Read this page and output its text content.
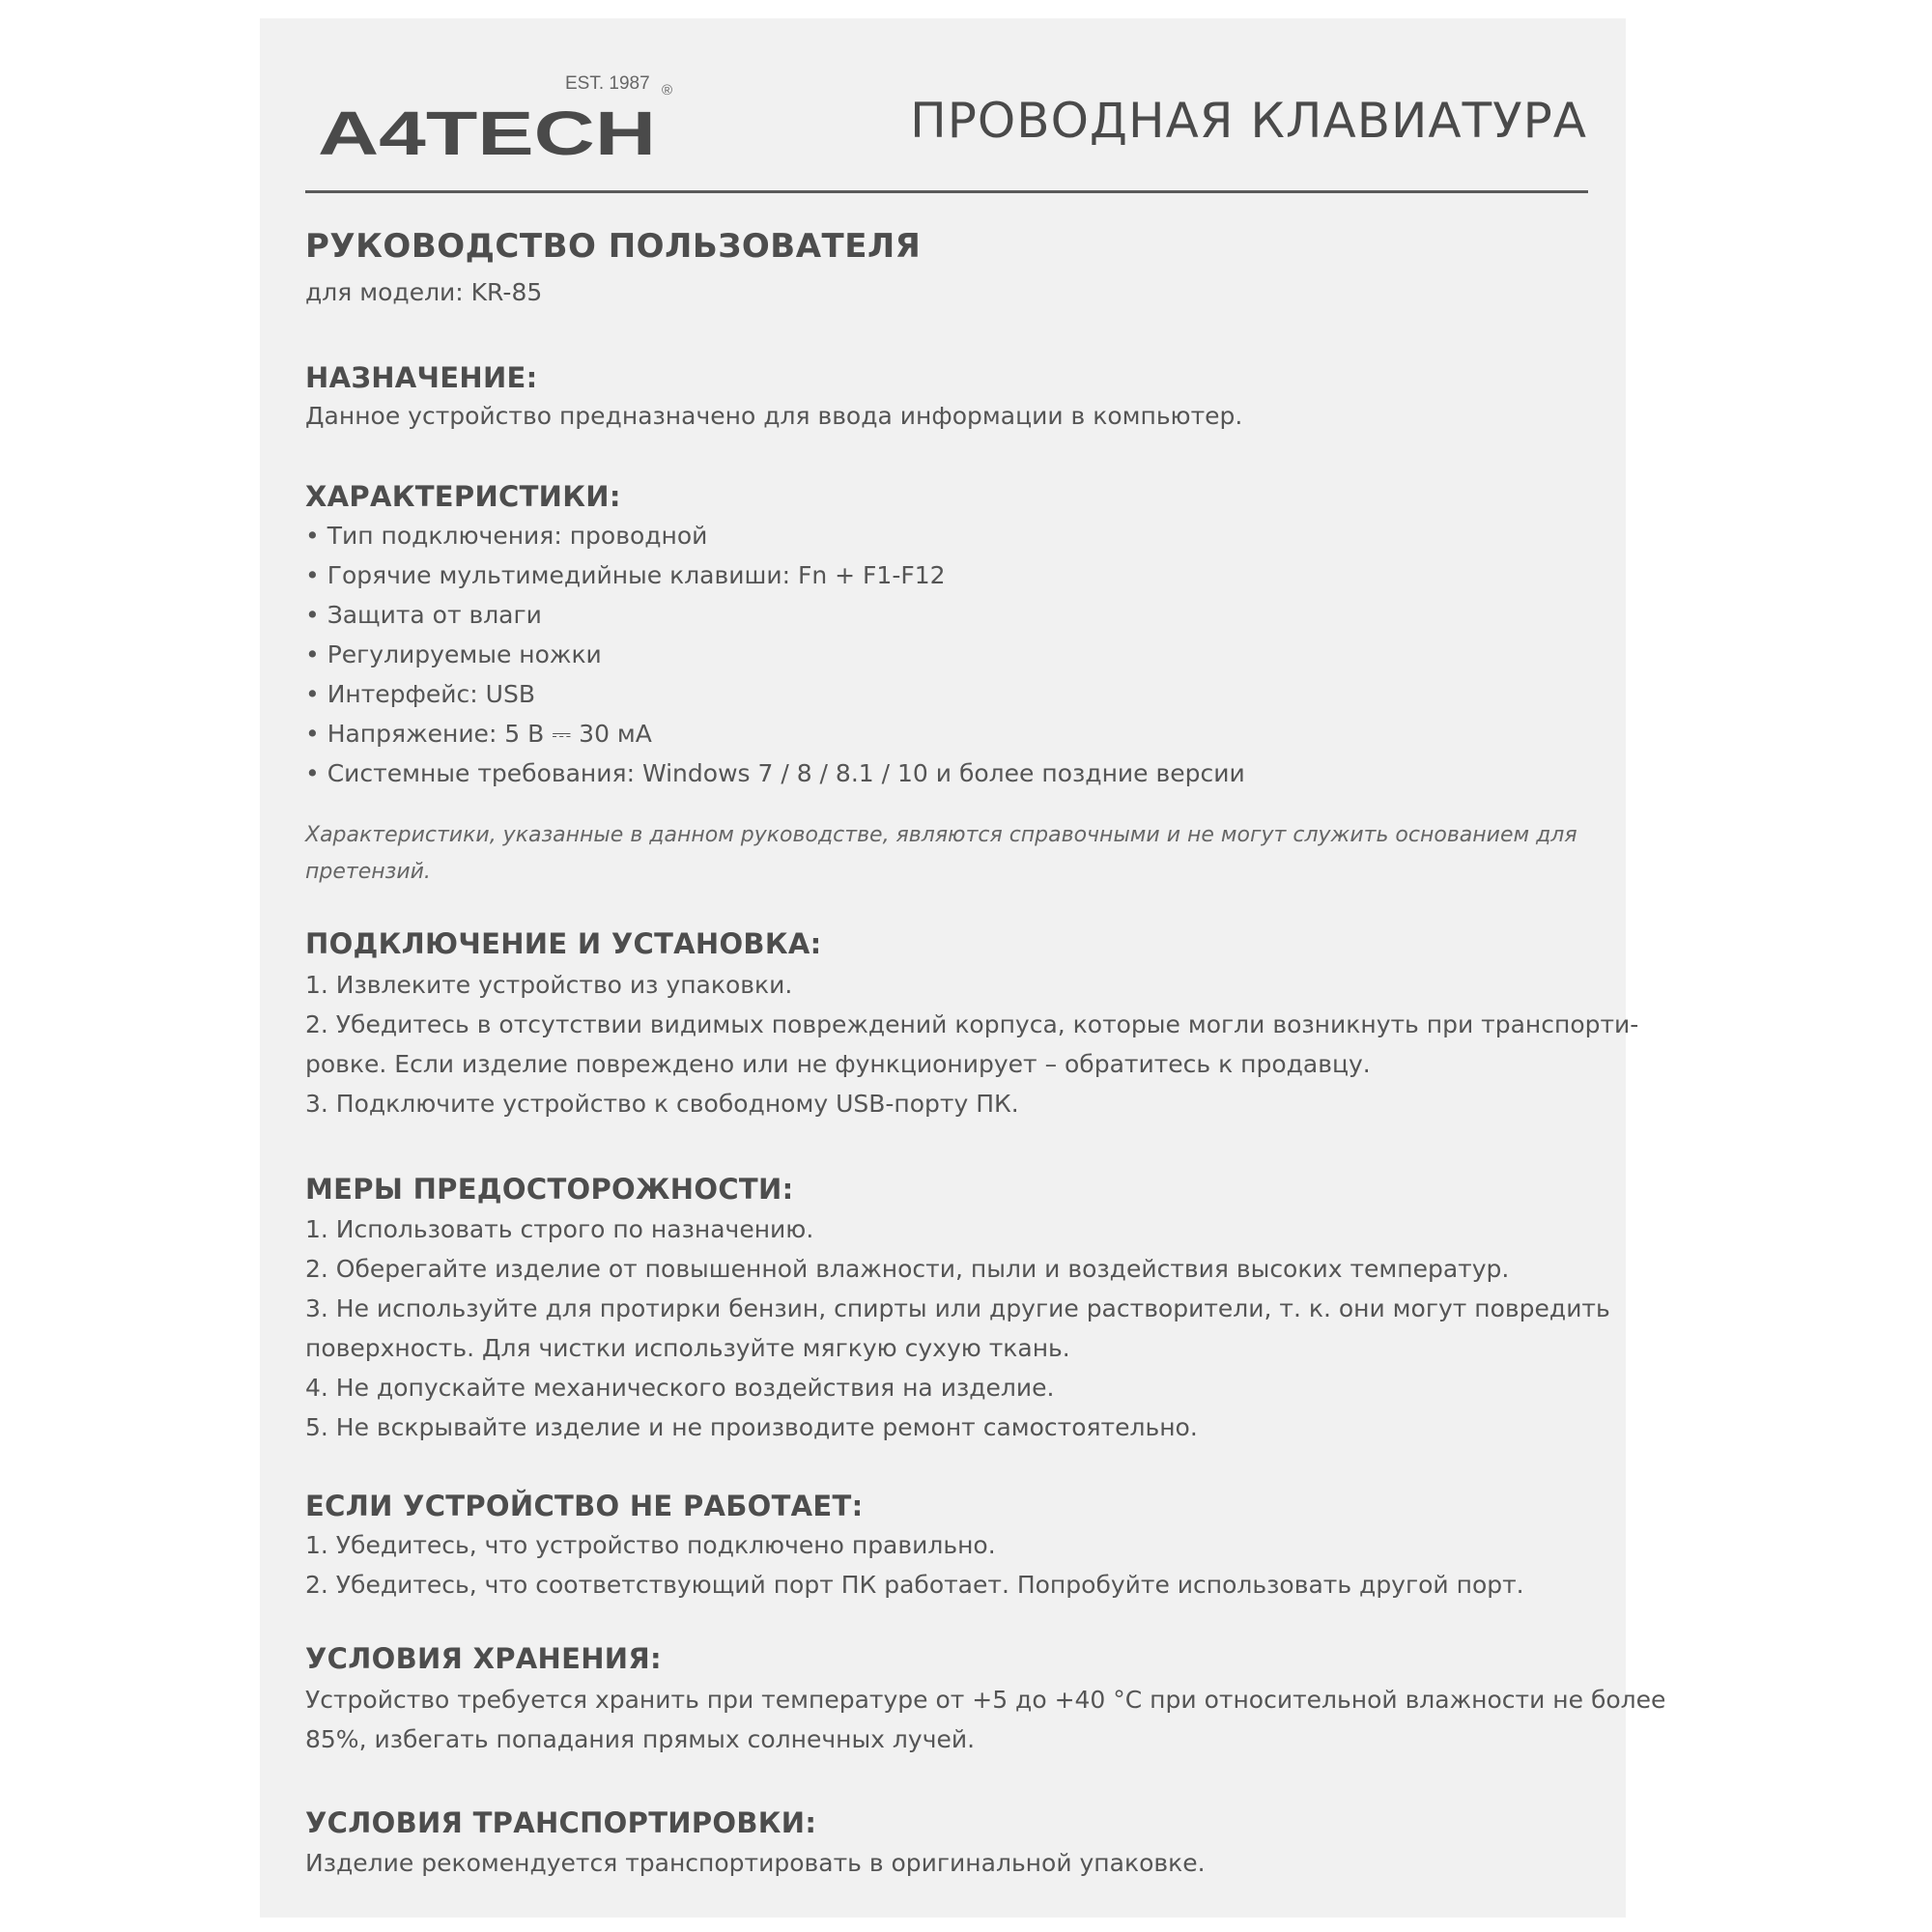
EST. 1987 ®
A4TECH	ПРОВОДНАЯ КЛАВИАТУРА
РУКОВОДСТВО ПОЛЬЗОВАТЕЛЯ
для модели: KR-85
НАЗНАЧЕНИЕ:
Данное устройство предназначено для ввода информации в компьютер.
ХАРАКТЕРИСТИКИ:
• Тип подключения: проводной
• Горячие мультимедийные клавиши: Fn + F1-F12
• Защита от влаги
• Регулируемые ножки
• Интерфейс: USB
• Напряжение: 5 В ⎓ 30 мА
• Системные требования: Windows 7 / 8 / 8.1 / 10 и более поздние версии
Характеристики, указанные в данном руководстве, являются справочными и не могут служить основанием для
претензий.
ПОДКЛЮЧЕНИЕ И УСТАНОВКА:
1. Извлеките устройство из упаковки.
2. Убедитесь в отсутствии видимых повреждений корпуса, которые могли возникнуть при транспорти-
ровке. Если изделие повреждено или не функционирует – обратитесь к продавцу.
3. Подключите устройство к свободному USB-порту ПК.
МЕРЫ ПРЕДОСТОРОЖНОСТИ:
1. Использовать строго по назначению.
2. Оберегайте изделие от повышенной влажности, пыли и воздействия высоких температур.
3. Не используйте для протирки бензин, спирты или другие растворители, т. к. они могут повредить
поверхность. Для чистки используйте мягкую сухую ткань.
4. Не допускайте механического воздействия на изделие.
5. Не вскрывайте изделие и не производите ремонт самостоятельно.
ЕСЛИ УСТРОЙСТВО НЕ РАБОТАЕТ:
1. Убедитесь, что устройство подключено правильно.
2. Убедитесь, что соответствующий порт ПК работает. Попробуйте использовать другой порт.
УСЛОВИЯ ХРАНЕНИЯ:
Устройство требуется хранить при температуре от +5 до +40 °С при относительной влажности не более
85%, избегать попадания прямых солнечных лучей.
УСЛОВИЯ ТРАНСПОРТИРОВКИ:
Изделие рекомендуется транспортировать в оригинальной упаковке.
